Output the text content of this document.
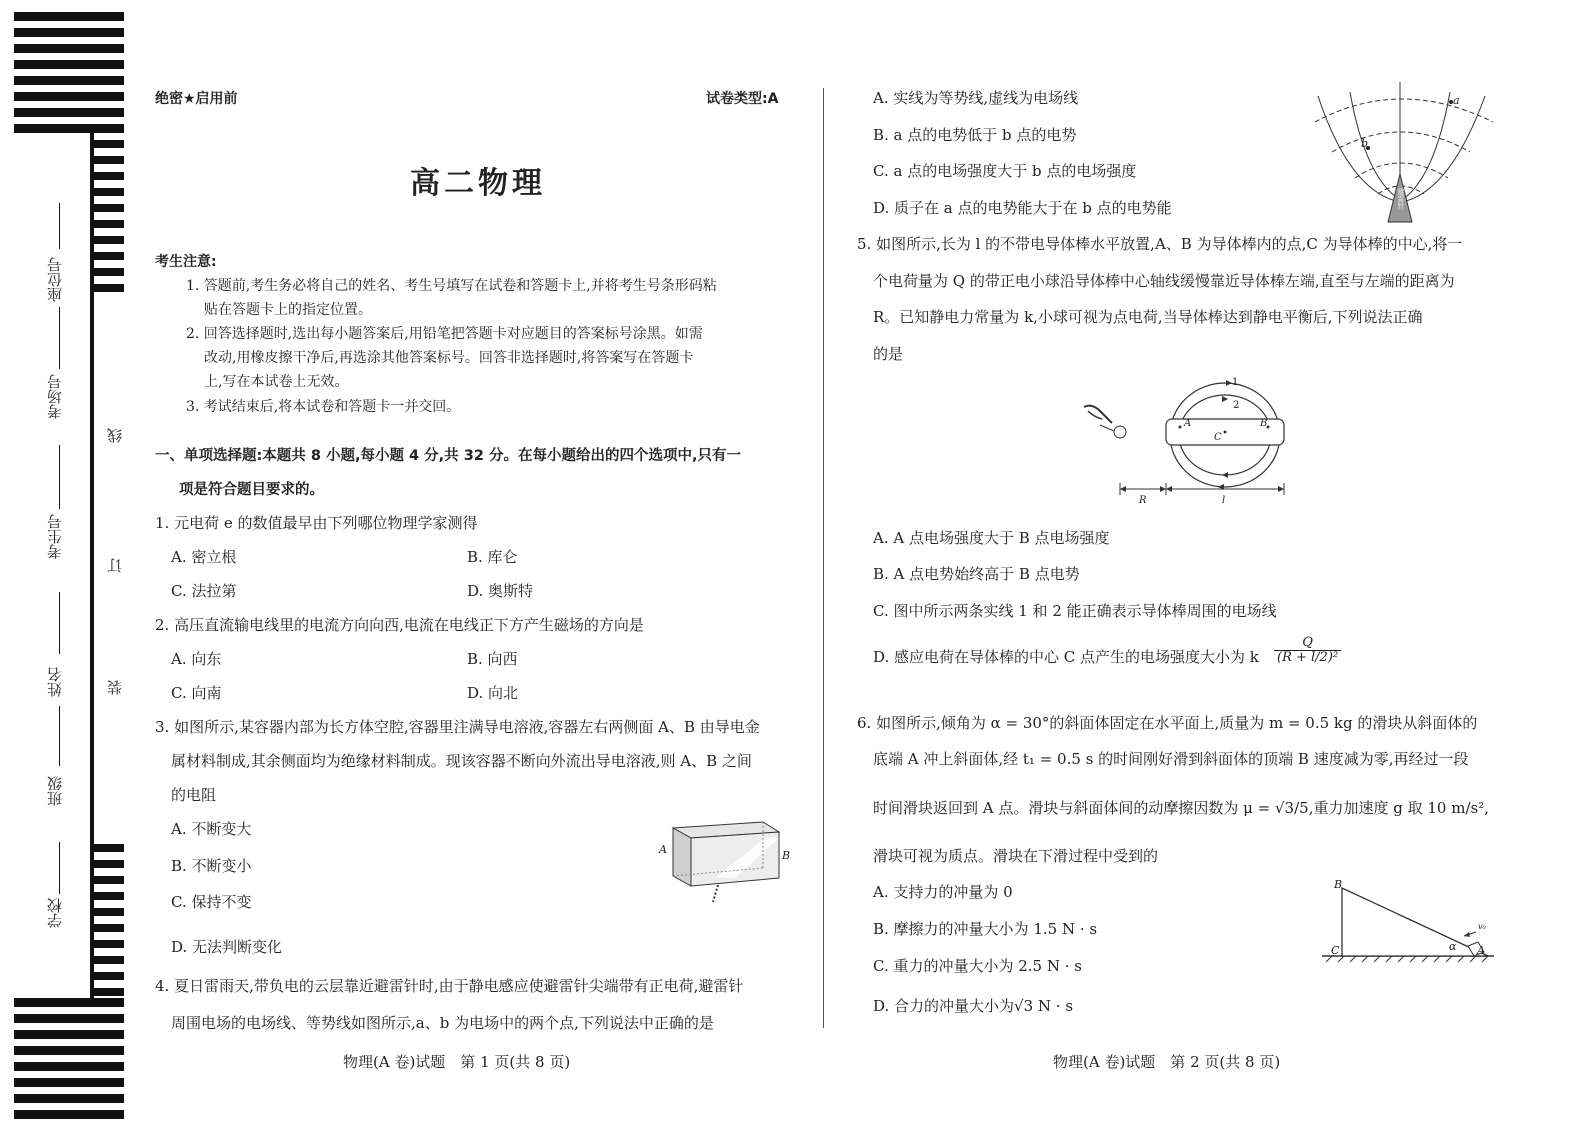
学校
班级
姓名
考生号
考场号
座位号
装
订
线
绝密★启用前	试卷类型:A
高二物理
考生注意:
1. 答题前,考生务必将自己的姓名、考生号填写在试卷和答题卡上,并将考生号条形码粘
贴在答题卡上的指定位置。
2. 回答选择题时,选出每小题答案后,用铅笔把答题卡对应题目的答案标号涂黑。如需
改动,用橡皮擦干净后,再选涂其他答案标号。回答非选择题时,将答案写在答题卡
上,写在本试卷上无效。
3. 考试结束后,将本试卷和答题卡一并交回。
一、单项选择题:本题共 8 小题,每小题 4 分,共 32 分。在每小题给出的四个选项中,只有一
项是符合题目要求的。
1. 元电荷 e 的数值最早由下列哪位物理学家测得
A. 密立根	B. 库仑
C. 法拉第	D. 奥斯特
2. 高压直流输电线里的电流方向向西,电流在电线正下方产生磁场的方向是
A. 向东	B. 向西
C. 向南	D. 向北
3. 如图所示,某容器内部为长方体空腔,容器里注满导电溶液,容器左右两侧面 A、B 由导电金
属材料制成,其余侧面均为绝缘材料制成。现该容器不断向外流出导电溶液,则 A、B 之间
的电阻
A. 不断变大
B. 不断变小
C. 保持不变
D. 无法判断变化
A	B
4. 夏日雷雨天,带负电的云层靠近避雷针时,由于静电感应使避雷针尖端带有正电荷,避雷针
周围电场的电场线、等势线如图所示,a、b 为电场中的两个点,下列说法中正确的是
A. 实线为等势线,虚线为电场线
B. a 点的电势低于 b 点的电势
C. a 点的电场强度大于 b 点的电场强度
D. 质子在 a 点的电势能大于在 b 点的电势能
a
b
避雷针
5. 如图所示,长为 l 的不带电导体棒水平放置,A、B 为导体棒内的点,C 为导体棒的中心,将一
个电荷量为 Q 的带正电小球沿导体棒中心轴线缓慢靠近导体棒左端,直至与左端的距离为
R。已知静电力常量为 k,小球可视为点电荷,当导体棒达到静电平衡后,下列说法正确
的是
1
2
A	B
C
R	l
A. A 点电场强度大于 B 点电场强度
B. A 点电势始终高于 B 点电势
C. 图中所示两条实线 1 和 2 能正确表示导体棒周围的电场线
D. 感应电荷在导体棒的中心 C 点产生的电场强度大小为 k $\frac{Q}{\text{(R + l/2)²}}$
6. 如图所示,倾角为 α = 30°的斜面体固定在水平面上,质量为 m = 0.5 kg 的滑块从斜面体的
底端 A 冲上斜面体,经 t₁ = 0.5 s 的时间刚好滑到斜面体的顶端 B 速度减为零,再经过一段
时间滑块返回到 A 点。滑块与斜面体间的动摩擦因数为 μ = √3/5,重力加速度 g 取 10 m/s²,
滑块可视为质点。滑块在下滑过程中受到的
A. 支持力的冲量为 0
B. 摩擦力的冲量大小为 1.5 N · s
C. 重力的冲量大小为 2.5 N · s
D. 合力的冲量大小为√3 N · s
B
C	A
α
v₀
物理(A 卷)试题　第 1 页(共 8 页)	物理(A 卷)试题　第 2 页(共 8 页)
